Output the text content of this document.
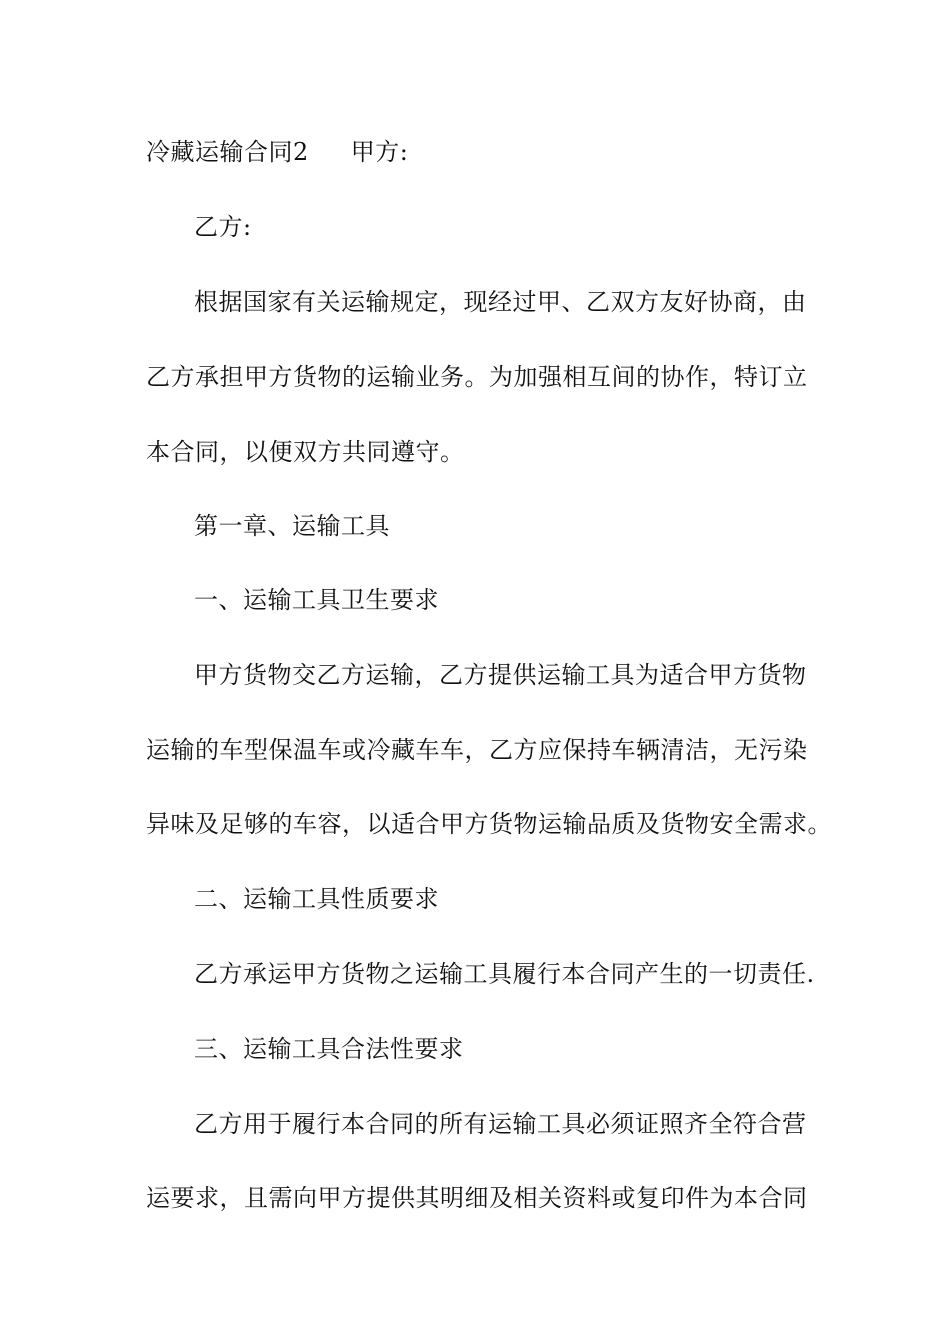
冷藏运输合同2 甲方:
乙方:
根据国家有关运输规定，现经过甲、乙双方友好协商，由
乙方承担甲方货物的运输业务。为加强相互间的协作，特订立
本合同，以便双方共同遵守。
第一章、运输工具
一、运输工具卫生要求
甲方货物交乙方运输，乙方提供运输工具为适合甲方货物
运输的车型保温车或冷藏车车，乙方应保持车辆清洁，无污染
异味及足够的车容，以适合甲方货物运输品质及货物安全需求。
二、运输工具性质要求
乙方承运甲方货物之运输工具履行本合同产生的一切责任.
三、运输工具合法性要求
乙方用于履行本合同的所有运输工具必须证照齐全符合营
运要求，且需向甲方提供其明细及相关资料或复印件为本合同
